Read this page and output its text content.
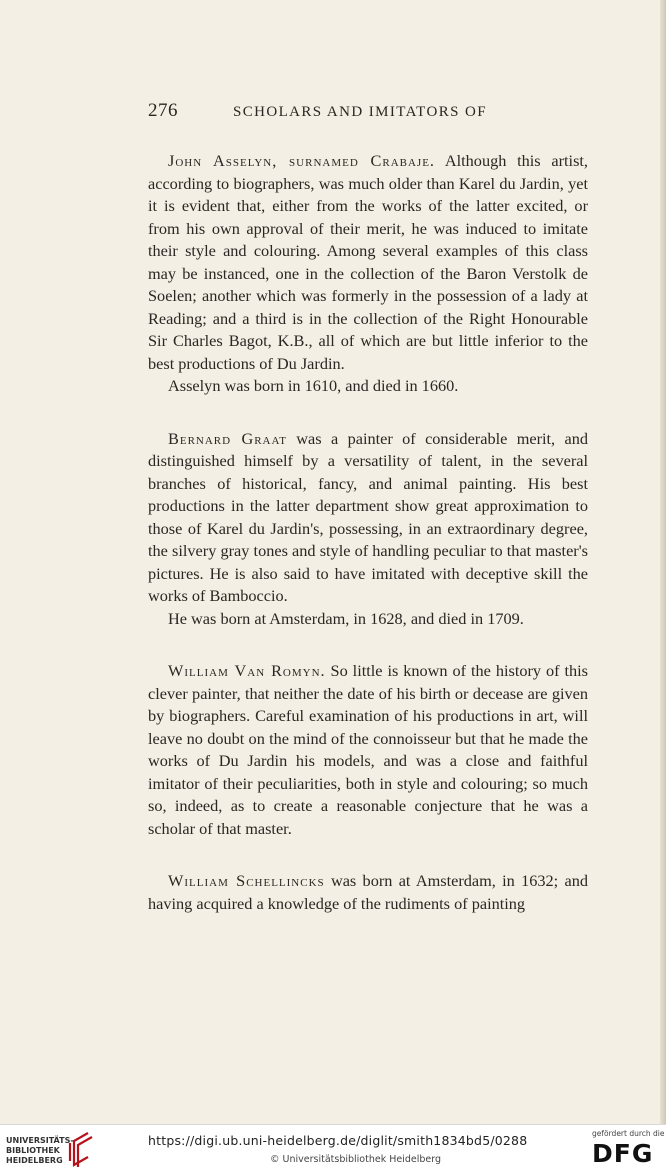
276	SCHOLARS AND IMITATORS OF

John Asselyn, surnamed Crabaje. Although this artist, according to biographers, was much older than Karel du Jardin, yet it is evident that, either from the works of the latter excited, or from his own approval of their merit, he was induced to imitate their style and colouring. Among several examples of this class may be instanced, one in the collection of the Baron Verstolk de Soelen; another which was formerly in the possession of a lady at Reading; and a third is in the collection of the Right Honourable Sir Charles Bagot, K.B., all of which are but little inferior to the best productions of Du Jardin.

Asselyn was born in 1610, and died in 1660.

Bernard Graat was a painter of considerable merit, and distinguished himself by a versatility of talent, in the several branches of historical, fancy, and animal painting. His best productions in the latter department show great approximation to those of Karel du Jardin's, possessing, in an extraordinary degree, the silvery gray tones and style of handling peculiar to that master's pictures. He is also said to have imitated with deceptive skill the works of Bamboccio.

He was born at Amsterdam, in 1628, and died in 1709.

William Van Romyn. So little is known of the history of this clever painter, that neither the date of his birth or decease are given by biographers. Careful examination of his productions in art, will leave no doubt on the mind of the connoisseur but that he made the works of Du Jardin his models, and was a close and faithful imitator of their peculiarities, both in style and colouring; so much so, indeed, as to create a reasonable conjecture that he was a scholar of that master.

William Schellincks was born at Amsterdam, in 1632; and having acquired a knowledge of the rudiments of painting

UNIVERSITÄTS-
BIBLIOTHEK
HEIDELBERG
https://digi.ub.uni-heidelberg.de/diglit/smith1834bd5/0288
© Universitätsbibliothek Heidelberg
gefördert durch die
DFG
